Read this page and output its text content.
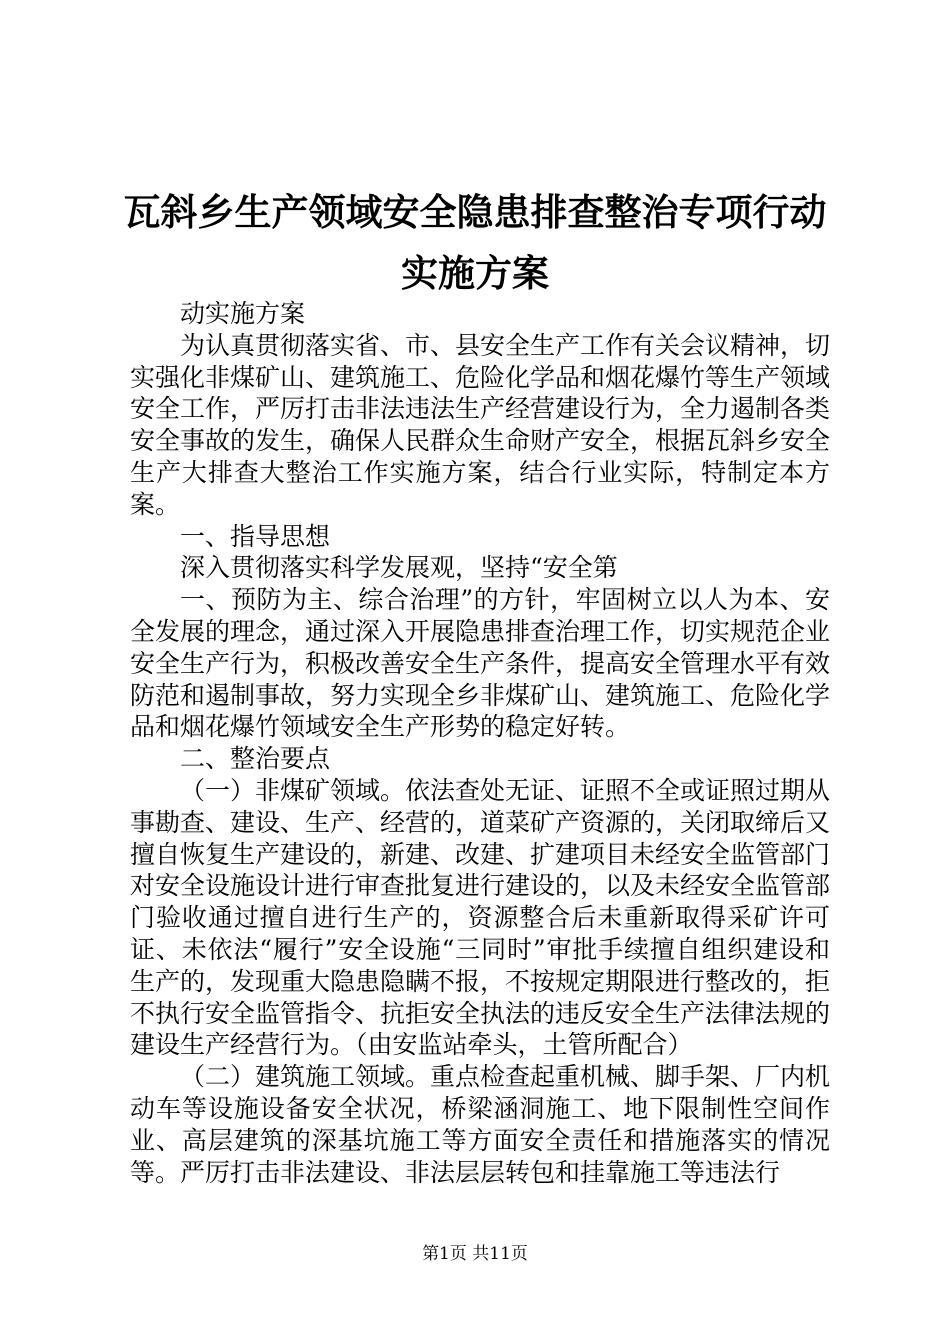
瓦斜乡生产领域安全隐患排查整治专项行动实施方案

动实施方案

为认真贯彻落实省、市、县安全生产工作有关会议精神，切实强化非煤矿山、建筑施工、危险化学品和烟花爆竹等生产领域安全工作，严厉打击非法违法生产经营建设行为，全力遏制各类安全事故的发生，确保人民群众生命财产安全，根据瓦斜乡安全生产大排查大整治工作实施方案，结合行业实际，特制定本方案。

一、指导思想

深入贯彻落实科学发展观，坚持“安全第

一、预防为主、综合治理”的方针，牢固树立以人为本、安全发展的理念，通过深入开展隐患排查治理工作，切实规范企业安全生产行为，积极改善安全生产条件，提高安全管理水平有效防范和遏制事故，努力实现全乡非煤矿山、建筑施工、危险化学品和烟花爆竹领域安全生产形势的稳定好转。

二、整治要点

（一）非煤矿领域。依法查处无证、证照不全或证照过期从事勘查、建设、生产、经营的，道菜矿产资源的，关闭取缔后又擅自恢复生产建设的，新建、改建、扩建项目未经安全监管部门对安全设施设计进行审查批复进行建设的，以及未经安全监管部门验收通过擅自进行生产的，资源整合后未重新取得采矿许可证、未依法“履行”安全设施“三同时”审批手续擅自组织建设和生产的，发现重大隐患隐瞒不报，不按规定期限进行整改的，拒不执行安全监管指令、抗拒安全执法的违反安全生产法律法规的建设生产经营行为。（由安监站牵头，土管所配合）

（二）建筑施工领域。重点检查起重机械、脚手架、厂内机动车等设施设备安全状况，桥梁涵洞施工、地下限制性空间作业、高层建筑的深基坑施工等方面安全责任和措施落实的情况等。严厉打击非法建设、非法层层转包和挂靠施工等违法行

第1页 共11页
